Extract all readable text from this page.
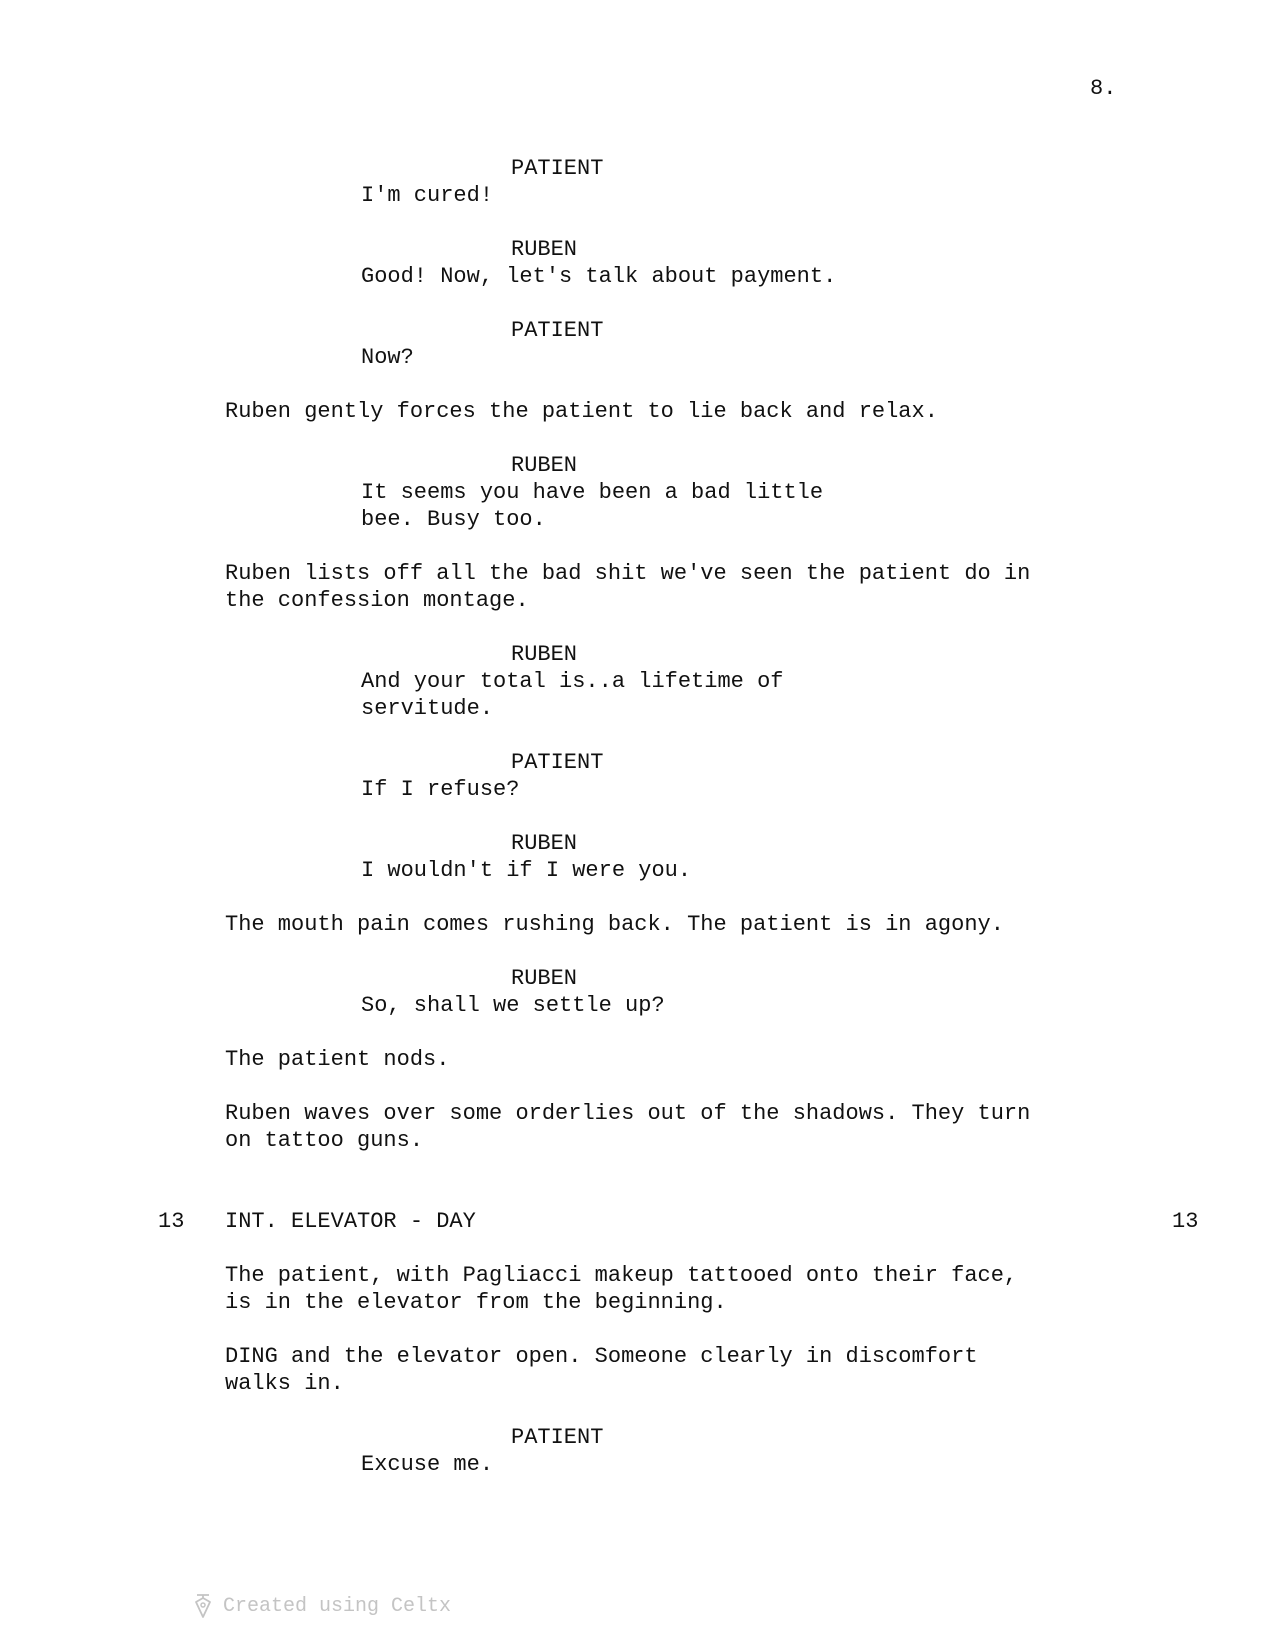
8.
PATIENT
I'm cured!
RUBEN
Good! Now, let's talk about payment.
PATIENT
Now?
Ruben gently forces the patient to lie back and relax.
RUBEN
It seems you have been a bad little
bee. Busy too.
Ruben lists off all the bad shit we've seen the patient do in
the confession montage.
RUBEN
And your total is..a lifetime of
servitude.
PATIENT
If I refuse?
RUBEN
I wouldn't if I were you.
The mouth pain comes rushing back. The patient is in agony.
RUBEN
So, shall we settle up?
The patient nods.
Ruben waves over some orderlies out of the shadows. They turn
on tattoo guns.
13 INT. ELEVATOR - DAY	13
The patient, with Pagliacci makeup tattooed onto their face,
is in the elevator from the beginning.
DING and the elevator open. Someone clearly in discomfort
walks in.
PATIENT
Excuse me.
Created using Celtx
